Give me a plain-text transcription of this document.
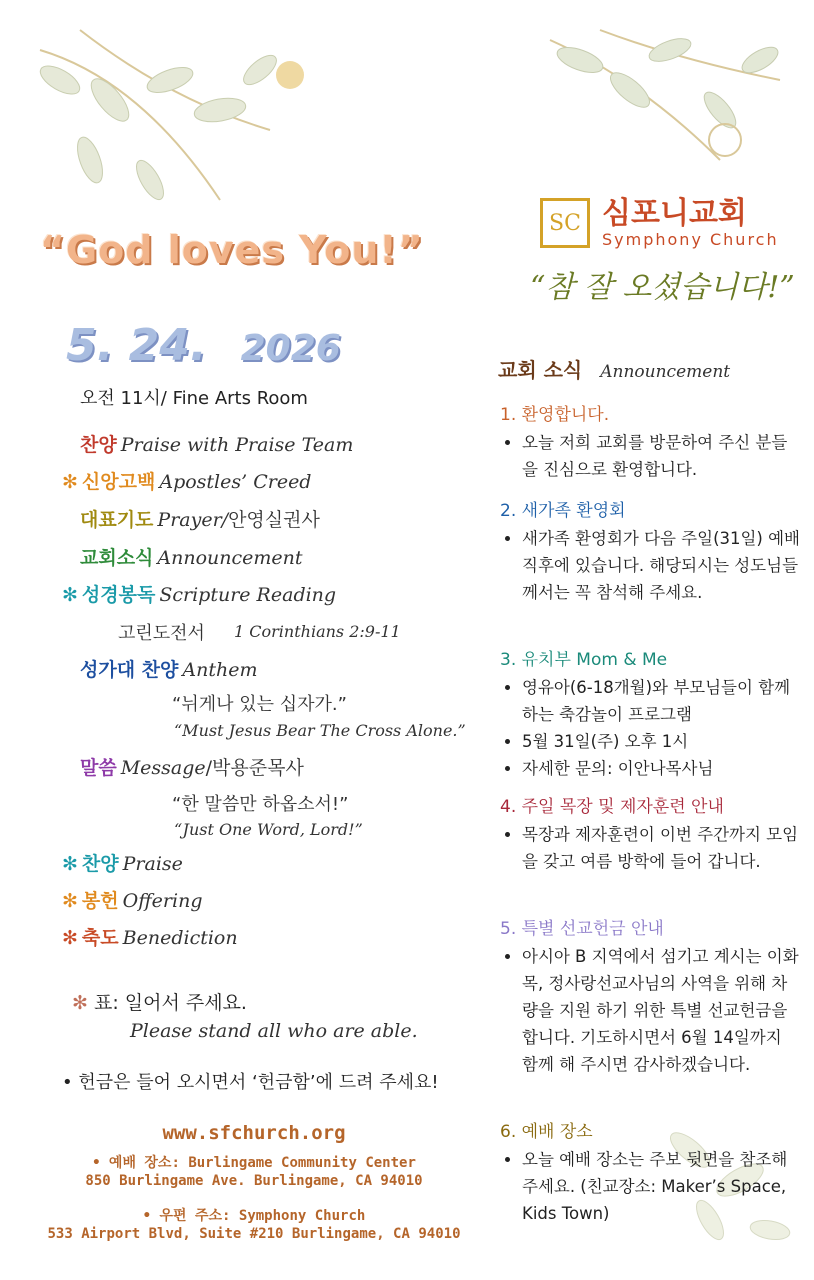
“God loves You!”
SC 심포니교회
Symphony Church
“참 잘 오셨습니다!”
5. 24. 2026
오전 11시/ Fine Arts Room
찬양 Praise with Praise Team
✻ 신앙고백 Apostles’ Creed
대표기도 Prayer/안영실권사
교회소식 Announcement
✻ 성경봉독 Scripture Reading
성가대 찬양 Anthem
말씀 Message/박용준목사
✻ 찬양 Praise
✻ 봉헌 Offering
✻ 축도 Benediction
고린도전서 1 Corinthians 2:9-11
“뉘게나 있는 십자가.”
“Must Jesus Bear The Cross Alone.”
“한 말씀만 하옵소서!”
“Just One Word, Lord!”
✻ 표: 일어서 주세요.
Please stand all who are able.
• 헌금은 들어 오시면서 ‘헌금함’에 드려 주세요!
www.sfchurch.org
• 예배 장소: Burlingame Community Center
850 Burlingame Ave. Burlingame, CA 94010
• 우편 주소: Symphony Church
533 Airport Blvd, Suite #210 Burlingame, CA 94010
교회 소식 Announcement
1. 환영합니다.
• 오늘 저희 교회를 방문하여 주신 분들을 진심으로 환영합니다.
2. 새가족 환영회
• 새가족 환영회가 다음 주일(31일) 예배 직후에 있습니다. 해당되시는 성도님들께서는 꼭 참석해 주세요.
3. 유치부 Mom & Me
• 영유아(6-18개월)와 부모님들이 함께 하는 축감놀이 프로그램
• 5월 31일(주) 오후 1시
• 자세한 문의: 이안나목사님
4. 주일 목장 및 제자훈련 안내
• 목장과 제자훈련이 이번 주간까지 모임을 갖고 여름 방학에 들어 갑니다.
5. 특별 선교헌금 안내
• 아시아 B 지역에서 섬기고 계시는 이화목, 정사랑선교사님의 사역을 위해 차량을 지원 하기 위한 특별 선교헌금을 합니다. 기도하시면서 6월 14일까지 함께 해 주시면 감사하겠습니다.
6. 예배 장소
• 오늘 예배 장소는 주보 뒷면을 참조해 주세요. (친교장소: Maker’s Space, Kids Town)
